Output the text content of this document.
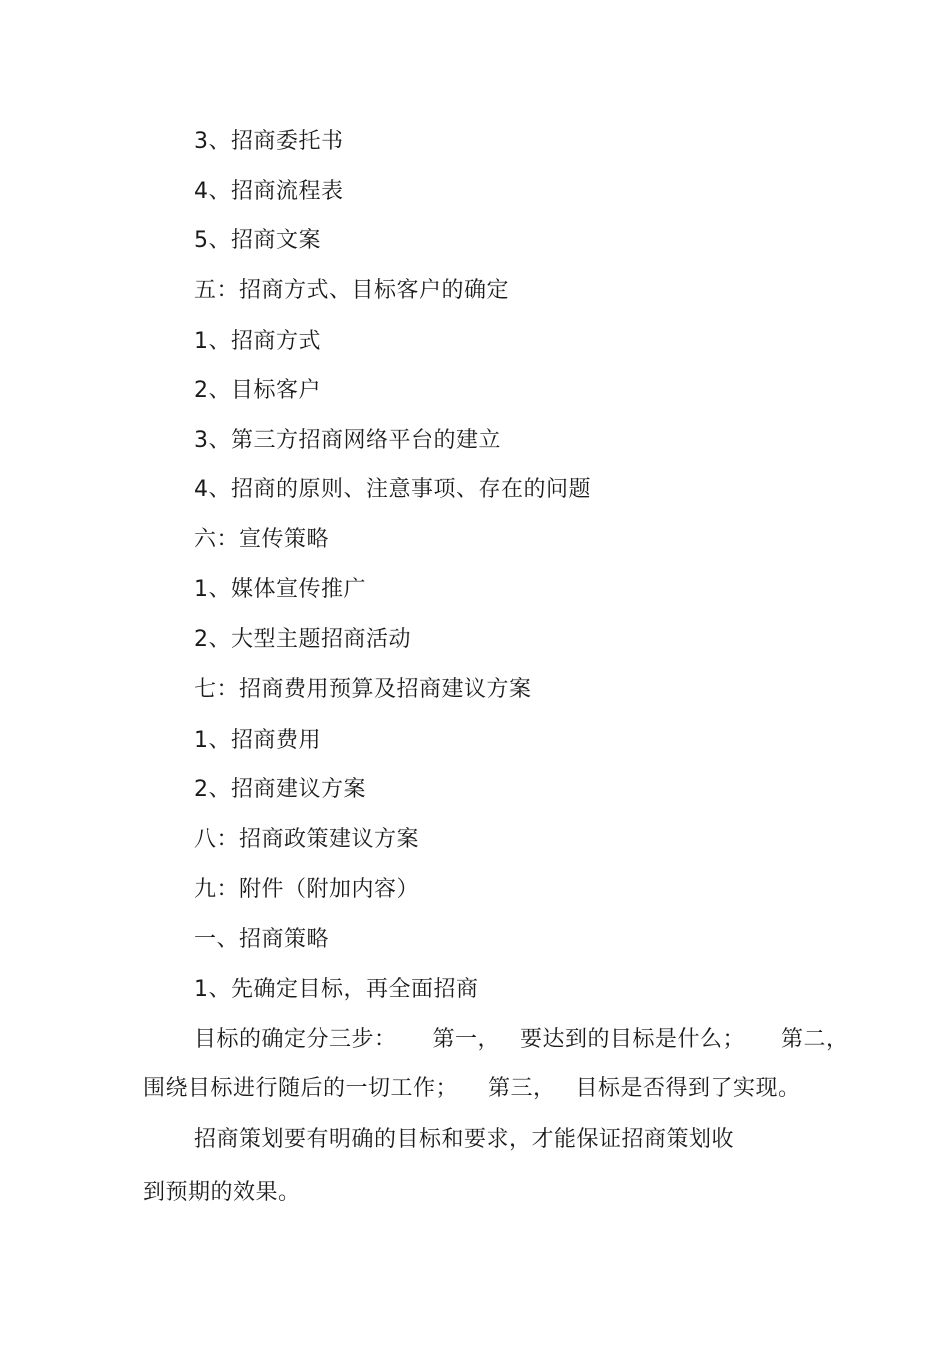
3、招商委托书
4、招商流程表
5、招商文案
五：招商方式、目标客户的确定
1、招商方式
2、目标客户
3、第三方招商网络平台的建立
4、招商的原则、注意事项、存在的问题
六：宣传策略
1、媒体宣传推广
2、大型主题招商活动
七：招商费用预算及招商建议方案
1、招商费用
2、招商建议方案
八：招商政策建议方案
九：附件（附加内容）
一、招商策略
1、先确定目标，再全面招商
目标的确定分三步： 第一， 要达到的目标是什么； 第二，
围绕目标进行随后的一切工作； 第三， 目标是否得到了实现。
招商策划要有明确的目标和要求，才能保证招商策划收
到预期的效果。
